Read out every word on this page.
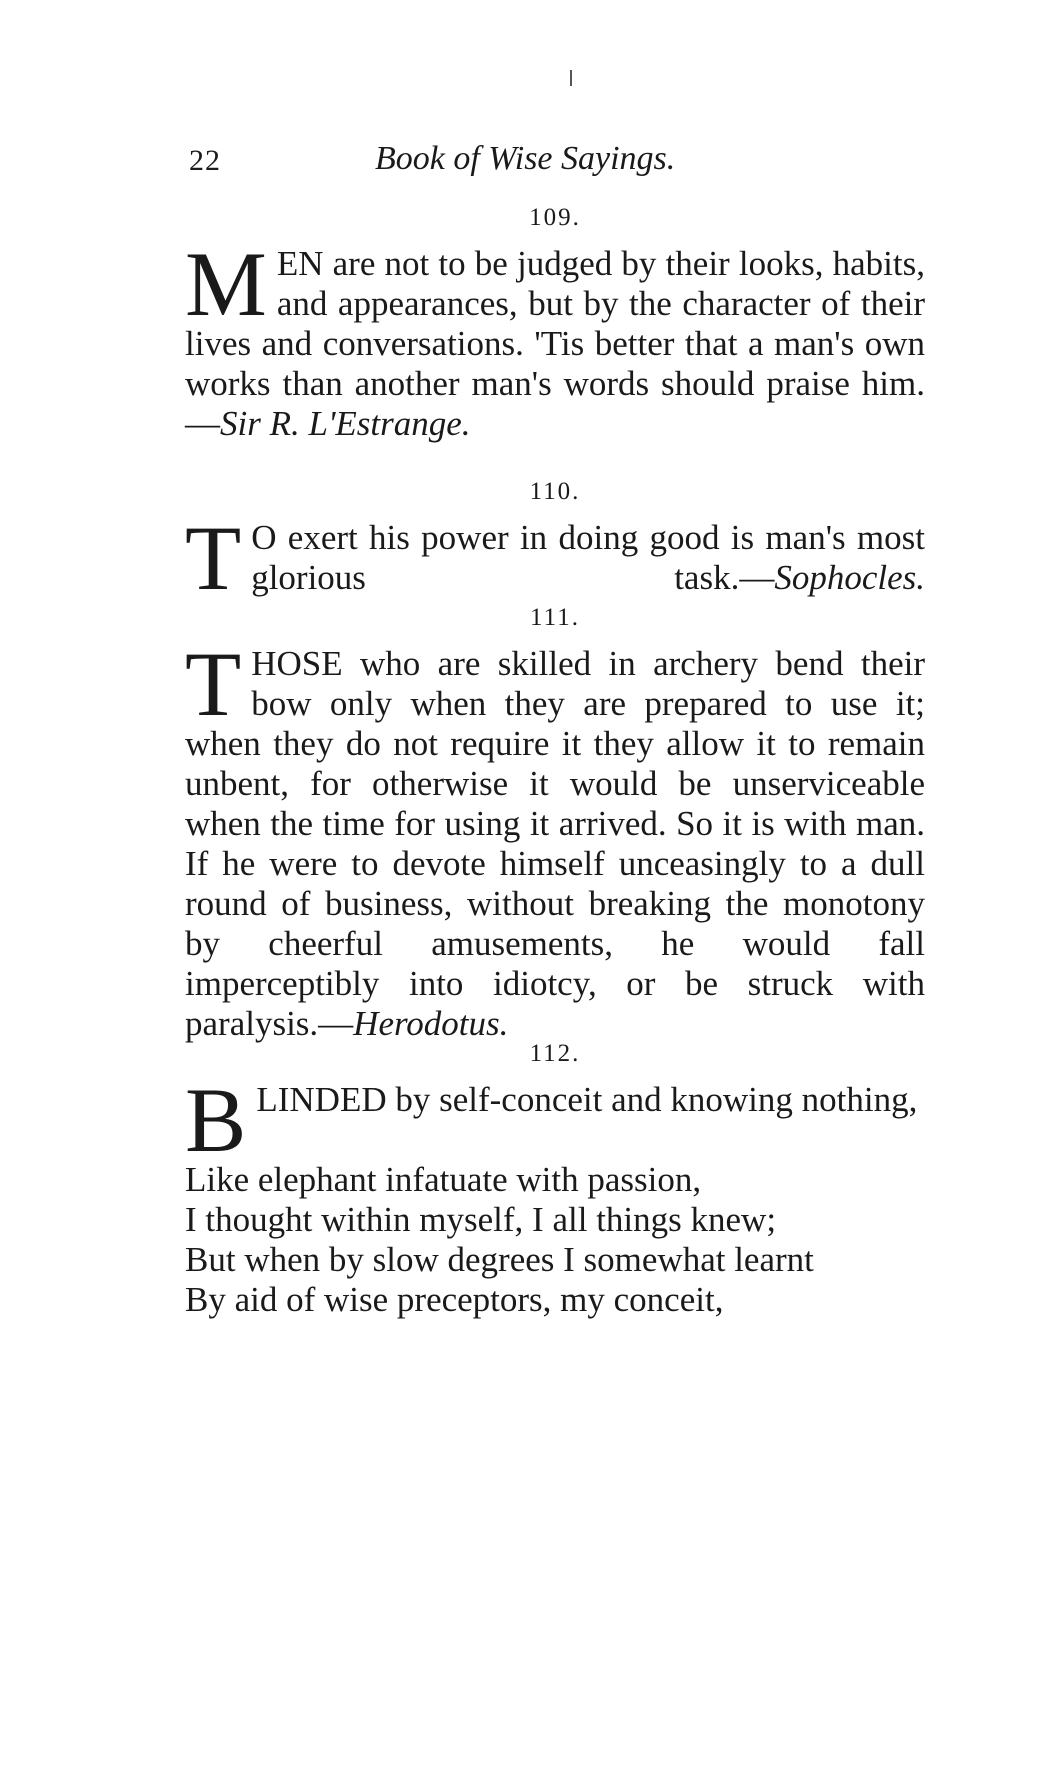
22	Book of Wise Sayings.
109.
MEN are not to be judged by their looks, habits, and appearances, but by the character of their lives and conversations. 'Tis better that a man's own works than another man's words should praise him.—Sir R. L'Estrange.
110.
T O exert his power in doing good is man's most glorious task.—Sophocles.
111.
THOSE who are skilled in archery bend their bow only when they are prepared to use it; when they do not require it they allow it to remain unbent, for otherwise it would be unserviceable when the time for using it arrived. So it is with man. If he were to devote himself unceasingly to a dull round of business, without breaking the monotony by cheerful amusements, he would fall imperceptibly into idiotcy, or be struck with paralysis.—Herodotus.
112.
BLINDED by self-conceit and knowing nothing,
Like elephant infatuate with passion,
I thought within myself, I all things knew;
But when by slow degrees I somewhat learnt
By aid of wise preceptors, my conceit,
